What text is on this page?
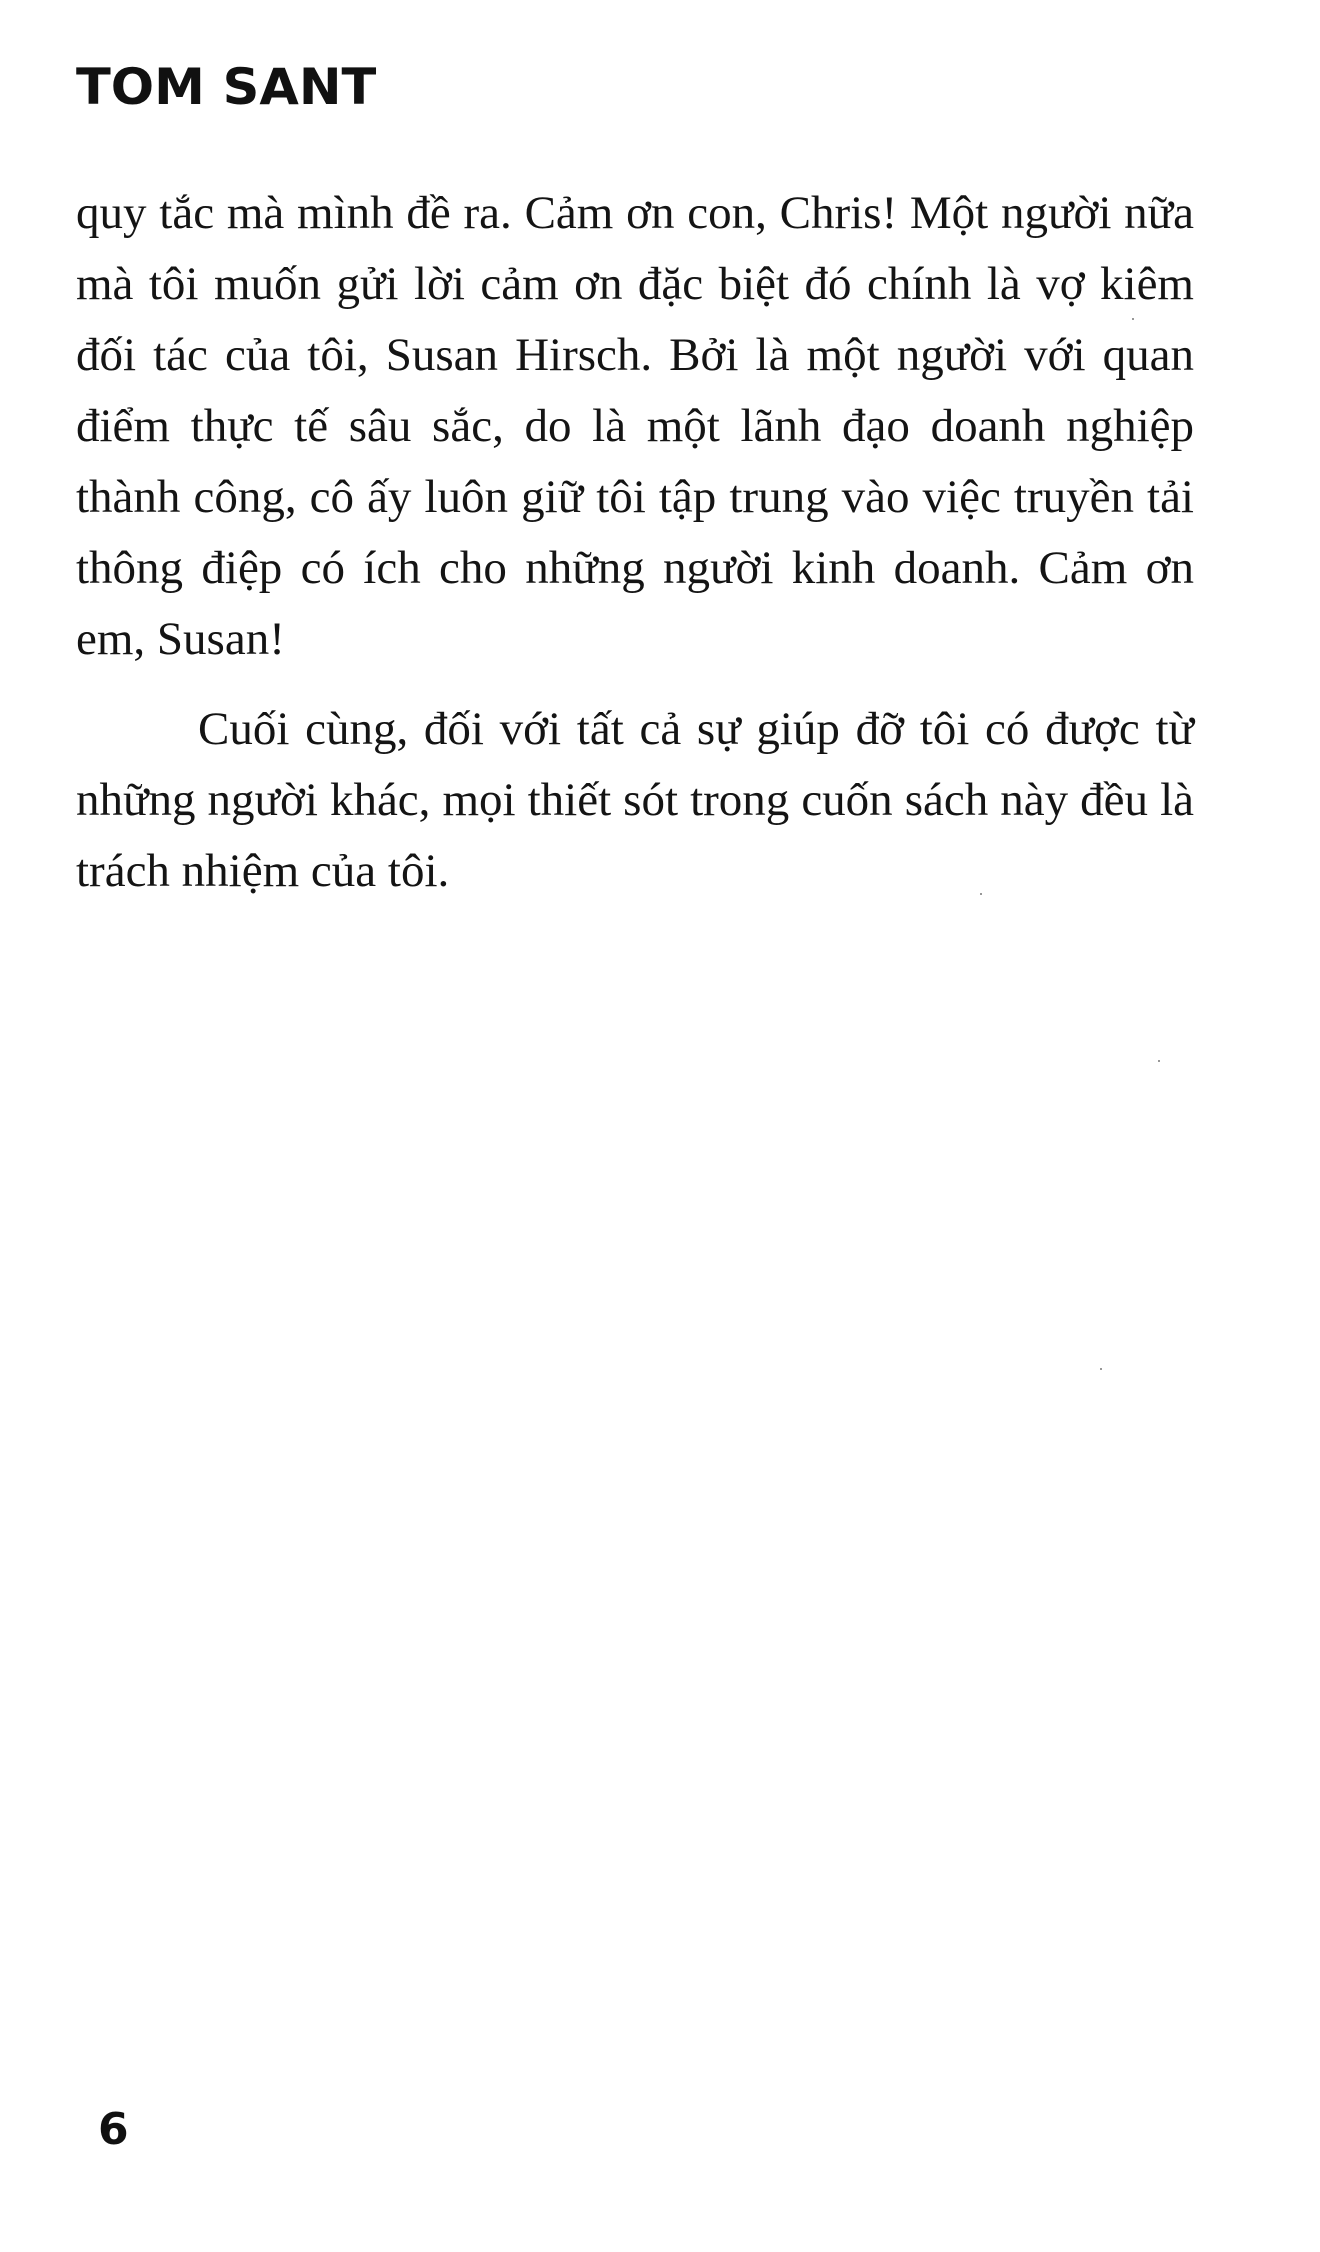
TOM SANT

quy tắc mà mình đề ra. Cảm ơn con, Chris! Một người nữa mà tôi muốn gửi lời cảm ơn đặc biệt đó chính là vợ kiêm đối tác của tôi, Susan Hirsch. Bởi là một người với quan điểm thực tế sâu sắc, do là một lãnh đạo doanh nghiệp thành công, cô ấy luôn giữ tôi tập trung vào việc truyền tải thông điệp có ích cho những người kinh doanh. Cảm ơn em, Susan!

Cuối cùng, đối với tất cả sự giúp đỡ tôi có được từ những người khác, mọi thiết sót trong cuốn sách này đều là trách nhiệm của tôi.

6
